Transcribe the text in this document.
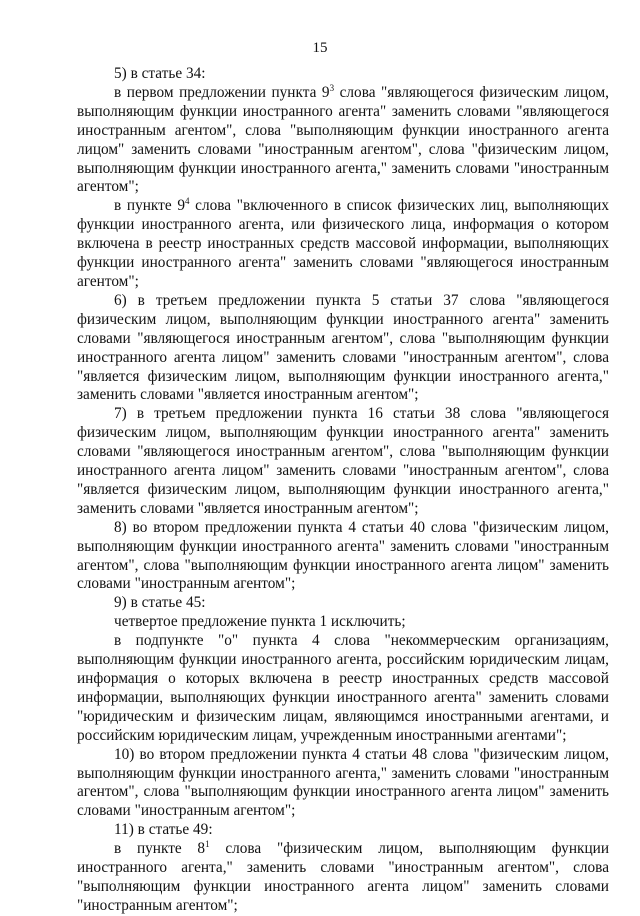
15

5) в статье 34:

в первом предложении пункта $9^3$ слова "являющегося физическим лицом, выполняющим функции иностранного агента" заменить словами "являющегося иностранным агентом", слова "выполняющим функции иностранного агента лицом" заменить словами "иностранным агентом", слова "физическим лицом, выполняющим функции иностранного агента," заменить словами "иностранным агентом";

в пункте $9^4$ слова "включенного в список физических лиц, выполняющих функции иностранного агента, или физического лица, информация о котором включена в реестр иностранных средств массовой информации, выполняющих функции иностранного агента" заменить словами "являющегося иностранным агентом";

6) в третьем предложении пункта 5 статьи 37 слова "являющегося физическим лицом, выполняющим функции иностранного агента" заменить словами "являющегося иностранным агентом", слова "выполняющим функции иностранного агента лицом" заменить словами "иностранным агентом", слова "является физическим лицом, выполняющим функции иностранного агента," заменить словами "является иностранным агентом";

7) в третьем предложении пункта 16 статьи 38 слова "являющегося физическим лицом, выполняющим функции иностранного агента" заменить словами "являющегося иностранным агентом", слова "выполняющим функции иностранного агента лицом" заменить словами "иностранным агентом", слова "является физическим лицом, выполняющим функции иностранного агента," заменить словами "является иностранным агентом";

8) во втором предложении пункта 4 статьи 40 слова "физическим лицом, выполняющим функции иностранного агента" заменить словами "иностранным агентом", слова "выполняющим функции иностранного агента лицом" заменить словами "иностранным агентом";

9) в статье 45:

четвертое предложение пункта 1 исключить;

в подпункте "о" пункта 4 слова "некоммерческим организациям, выполняющим функции иностранного агента, российским юридическим лицам, информация о которых включена в реестр иностранных средств массовой информации, выполняющих функции иностранного агента" заменить словами "юридическим и физическим лицам, являющимся иностранными агентами, и российским юридическим лицам, учрежденным иностранными агентами";

10) во втором предложении пункта 4 статьи 48 слова "физическим лицом, выполняющим функции иностранного агента," заменить словами "иностранным агентом", слова "выполняющим функции иностранного агента лицом" заменить словами "иностранным агентом";

11) в статье 49:

в пункте $8^1$ слова "физическим лицом, выполняющим функции иностранного агента," заменить словами "иностранным агентом", слова "выполняющим функции иностранного агента лицом" заменить словами "иностранным агентом";
